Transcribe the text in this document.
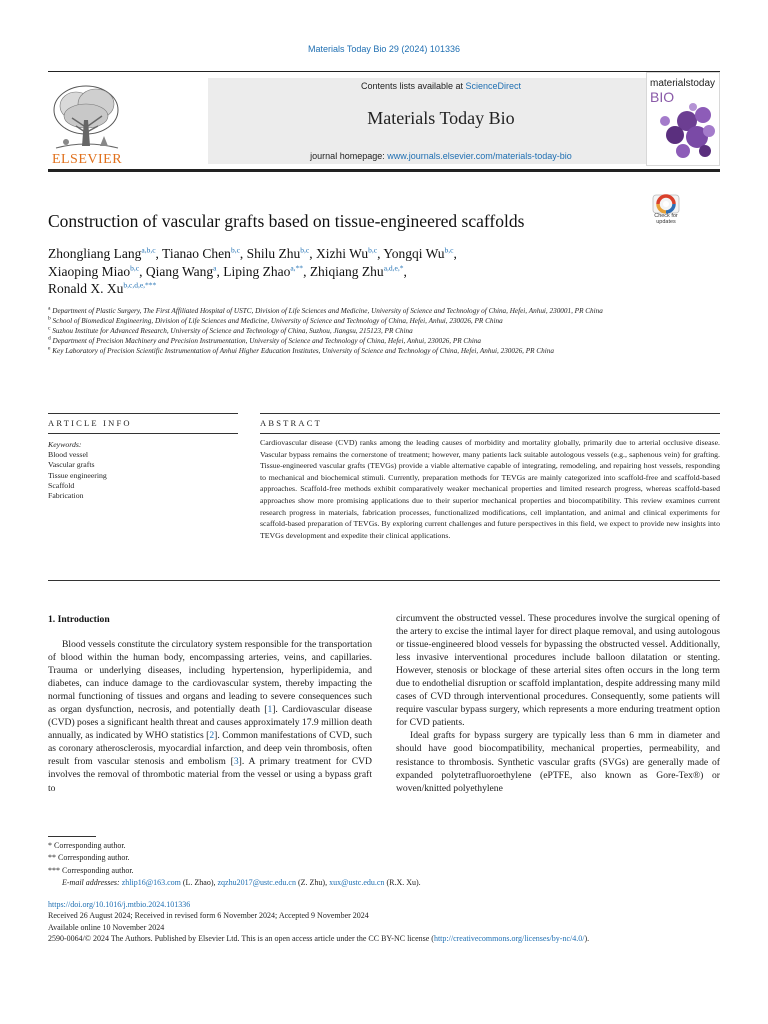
Materials Today Bio 29 (2024) 101336
ELSEVIER
Contents lists available at ScienceDirect
Materials Today Bio
journal homepage: www.journals.elsevier.com/materials-today-bio
materialstoday
BIO
Construction of vascular grafts based on tissue-engineered scaffolds	Check for updates
Zhongliang Lang$^{a,b,c}$, Tianao Chen$^{b,c}$, Shilu Zhu$^{b,c}$, Xizhi Wu$^{b,c}$, Yongqi Wu$^{b,c}$,
Xiaoping Miao$^{b,c}$, Qiang Wang$^a$, Liping Zhao$^{a,**}$, Zhiqiang Zhu$^{a,d,e,*}$,
Ronald X. $Xu^{b,c,d,e,***}$
$^a$ Department of Plastic Surgery, The First Affiliated Hospital of USTC, Division of Life Sciences and Medicine, University of Science and Technology of China, Hefei, Anhui, 230001, PR China
$^b$ School of Biomedical Engineering, Division of Life Sciences and Medicine, University of Science and Technology of China, Hefei, Anhui, 230026, PR China
$^c$ Suzhou Institute for Advanced Research, University of Science and Technology of China, Suzhou, Jiangsu, 215123, PR China
$^d$ Department of Precision Machinery and Precision Instrumentation, University of Science and Technology of China, Hefei, Anhui, 230026, PR China
$^e$ Key Laboratory of Precision Scientific Instrumentation of Anhui Higher Education Institutes, University of Science and Technology of China, Hefei, Anhui, 230026, PR China
ARTICLE INFO	ABSTRACT
Keywords:
Blood vessel
Vascular grafts
Tissue engineering
Scaffold
Fabrication

Cardiovascular disease (CVD) ranks among the leading causes of morbidity and mortality globally, primarily due to arterial occlusive disease. Vascular bypass remains the cornerstone of treatment; however, many patients lack suitable autologous vessels (e.g., saphenous vein) for grafting. Tissue-engineered vascular grafts (TEVGs) provide a viable alternative capable of integrating, remodeling, and repairing host vessels, responding to mechanical and biochemical stimuli. Currently, preparation methods for TEVGs are mainly categorized into scaffold-free and scaffold-based approaches. Scaffold-free methods exhibit comparatively weaker mechanical properties and limited research progress, whereas scaffold-based approaches show more promising applications due to their superior mechanical properties and biocompatibility. This review examines current research progress in materials, fabrication processes, functionalized modifications, cell implantation, and animal and clinical experiments for scaffold-based preparation of TEVGs. By exploring current challenges and future perspectives in this field, we expect to provide new insights into TEVGs development and expedite their clinical applications.

1. Introduction
Blood vessels constitute the circulatory system responsible for the transportation of blood within the human body, encompassing arteries, veins, and capillaries. Trauma or underlying diseases, including hypertension, hyperlipidemia, and diabetes, can induce damage to the cardiovascular system, thereby impacting the normal functioning of tissues and organs and leading to severe consequences such as organ dysfunction, necrosis, and potentially death [1]. Cardiovascular disease (CVD) poses a significant health threat and causes approximately 17.9 million death annually, as indicated by WHO statistics [2]. Common manifestations of CVD, such as coronary atherosclerosis, myocardial infarction, and deep vein thrombosis, often result from vascular stenosis and embolism [3]. A primary treatment for CVD involves the removal of thrombotic material from the vessel or using a bypass graft to
circumvent the obstructed vessel. These procedures involve the surgical opening of the artery to excise the intimal layer for direct plaque removal, and using autologous or tissue-engineered blood vessels for bypassing the obstructed vessel. Additionally, less invasive interventional procedures include balloon dilatation or stenting. However, stenosis or blockage of these arterial sites often occurs in the long term due to endothelial disruption or scaffold implantation, despite addressing many mild cases of CVD through interventional procedures. Consequently, some patients will require vascular bypass surgery, which represents a more enduring treatment option for CVD patients.
Ideal grafts for bypass surgery are typically less than 6 mm in diameter and should have good biocompatibility, mechanical properties, permeability, and resistance to thrombosis. Synthetic vascular grafts (SVGs) are generally made of expanded polytetrafluoroethylene (ePTFE, also known as Gore-Tex®) or woven/knitted polyethylene
* Corresponding author.
** Corresponding author.
*** Corresponding author.
E-mail addresses: zhlip16@163.com (L. Zhao), zqzhu2017@ustc.edu.cn (Z. Zhu), xux@ustc.edu.cn (R.X. Xu).
https://doi.org/10.1016/j.mtbio.2024.101336
Received 26 August 2024; Received in revised form 6 November 2024; Accepted 9 November 2024
Available online 10 November 2024
2590-0064/© 2024 The Authors. Published by Elsevier Ltd. This is an open access article under the CC BY-NC license (http://creativecommons.org/licenses/by-nc/4.0/).
